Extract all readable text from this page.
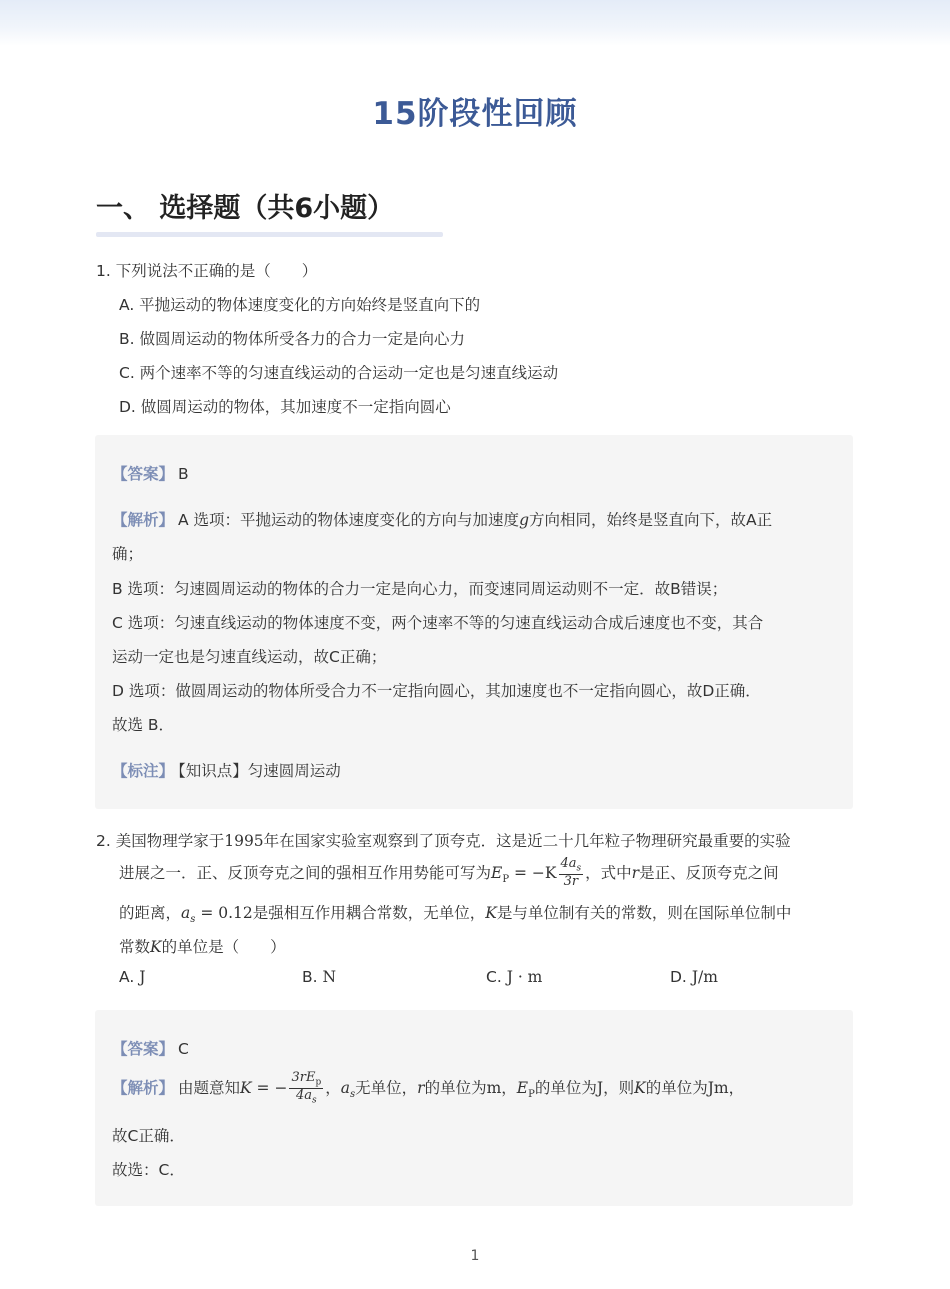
15阶段性回顾
一、 选择题（共6小题）
1. 下列说法不正确的是（　　）
A. 平抛运动的物体速度变化的方向始终是竖直向下的
B. 做圆周运动的物体所受各力的合力一定是向心力
C. 两个速率不等的匀速直线运动的合运动一定也是匀速直线运动
D. 做圆周运动的物体，其加速度不一定指向圆心
【答案】 B
【解析】 A 选项：平抛运动的物体速度变化的方向与加速度g方向相同，始终是竖直向下，故A正
确；
B 选项：匀速圆周运动的物体的合力一定是向心力，而变速同周运动则不一定．故B错误；
C 选项：匀速直线运动的物体速度不变，两个速率不等的匀速直线运动合成后速度也不变，其合
运动一定也是匀速直线运动，故C正确；
D 选项：做圆周运动的物体所受合力不一定指向圆心，其加速度也不一定指向圆心，故D正确．
故选 B．
【标注】 【知识点】匀速圆周运动
2. 美国物理学家于1995年在国家实验室观察到了顶夸克．这是近二十几年粒子物理研究最重要的实验
进展之一．正、反顶夸克之间的强相互作用势能可写为$E_P = -K \frac{4a_s}{3r}$ ，式中r是正、反顶夸克之间
的距离，$a_s = 0.12$是强相互作用耦合常数，无单位，K是与单位制有关的常数，则在国际单位制中
常数K的单位是（　　）
A. J	B. N	C. J · m	D. J/m
【答案】 C
【解析】 由题意知K = − $\frac{3rE_p}{4a_s}$ ，$a_s$无单位，r的单位为m，$E_P$的单位为J，则K的单位为Jm，
故C正确．
故选：C．
1
